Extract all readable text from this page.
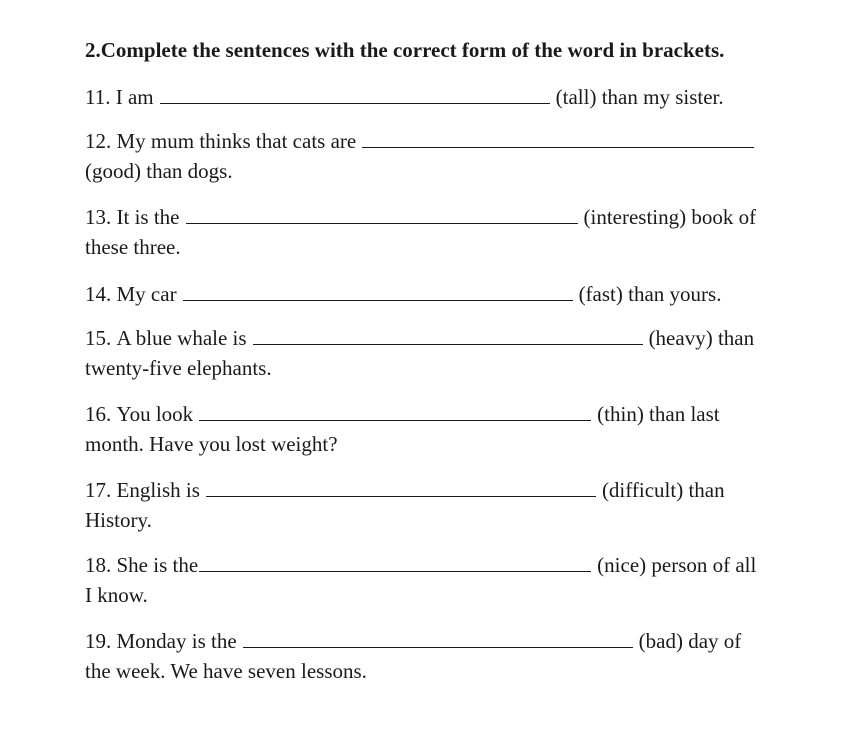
2.Complete the sentences with the correct form of the word in brackets.
11.
I am	(tall) than my sister.
12.
My mum thinks that cats are
(good) than dogs.
13.
It is the	(interesting) book of
these three.
14.
My car	(fast) than yours.
15.
A blue whale is	(heavy) than
twenty-five elephants.
16.
You look	(thin) than last
month. Have you lost weight?
17.
English is	(difficult) than
History.
18.
She is the	(nice) person of all
I know.
19.
Monday is the	(bad) day of
the week. We have seven lessons.
